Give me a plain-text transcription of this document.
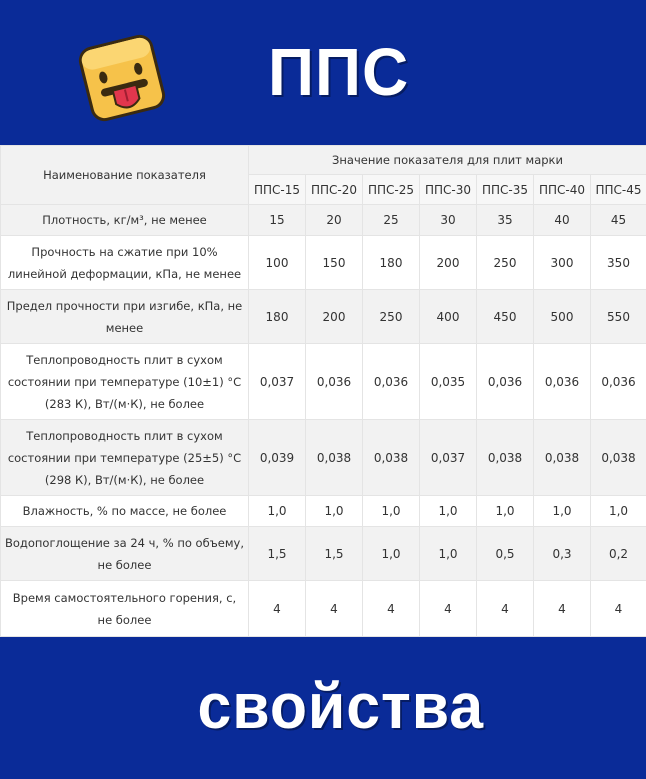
ППС
свойства
Наименование показателя	Значение показателя для плит марки						
	ППС-15	ППС-20	ППС-25	ППС-30	ППС-35	ППС-40	ППС-45
Плотность, кг/м³, не менее	15	20	25	30	35	40	45
Прочность на сжатие при 10% линейной деформации, кПа, не менее	100	150	180	200	250	300	350
Предел прочности при изгибе, кПа, не менее	180	200	250	400	450	500	550
Теплопроводность плит в сухом состоянии при температуре (10±1) °С (283 К), Вт/(м·К), не более	0,037	0,036	0,036	0,035	0,036	0,036	0,036
Теплопроводность плит в сухом состоянии при температуре (25±5) °С (298 К), Вт/(м·К), не более	0,039	0,038	0,038	0,037	0,038	0,038	0,038
Влажность, % по массе, не более	1,0	1,0	1,0	1,0	1,0	1,0	1,0
Водопоглощение за 24 ч, % по объему, не более	1,5	1,5	1,0	1,0	0,5	0,3	0,2
Время самостоятельного горения, с, не более	4	4	4	4	4	4	4
